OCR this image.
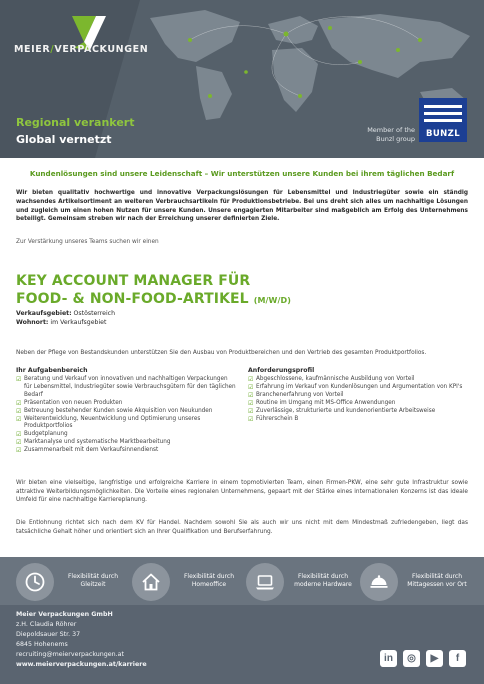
MEIER/VERPACKUNGEN
Regional verankert
Global vernetzt
Member of the Bunzl group	BUNZL
Kundenlösungen sind unsere Leidenschaft – Wir unterstützen unsere Kunden bei ihrem täglichen Bedarf
Wir bieten qualitativ hochwertige und innovative Verpackungslösungen für Lebensmittel und Industriegüter sowie ein ständig wachsendes Artikelsortiment an weiteren Verbrauchsartikeln für Produktionsbetriebe. Bei uns dreht sich alles um nachhaltige Lösungen und zugleich um einen hohen Nutzen für unsere Kunden. Unsere engagierten Mitarbeiter sind maßgeblich am Erfolg des Unternehmens beteiligt. Gemeinsam streben wir nach der Erreichung unserer definierten Ziele.
Zur Verstärkung unseres Teams suchen wir einen
KEY ACCOUNT MANAGER FÜR
FOOD- & NON-FOOD-ARTIKEL (M/W/D)
Verkaufsgebiet: Ostösterreich
Wohnort: im Verkaufsgebiet
Neben der Pflege von Bestandskunden unterstützen Sie den Ausbau von Produktbereichen und den Vertrieb des gesamten Produktportfolios.
Ihr Aufgabenbereich
☑ Beratung und Verkauf von innovativen und nachhaltigen Verpackungen für Lebensmittel, Industriegüter sowie Verbrauchsgütern für den täglichen Bedarf
☑ Präsentation von neuen Produkten
☑ Betreuung bestehender Kunden sowie Akquisition von Neukunden
☑ Weiterentwicklung, Neuentwicklung und Optimierung unseres Produktportfolios
☑ Budgetplanung
☑ Marktanalyse und systematische Marktbearbeitung
☑ Zusammenarbeit mit dem Verkaufsinnendienst
Anforderungsprofil
☑ Abgeschlossene, kaufmännische Ausbildung von Vorteil
☑ Erfahrung im Verkauf von Kundenlösungen und Argumentation von KPI's
☑ Branchenerfahrung von Vorteil
☑ Routine im Umgang mit MS-Office Anwendungen
☑ Zuverlässige, strukturierte und kundenorientierte Arbeitsweise
☑ Führerschein B
Wir bieten eine vielseitige, langfristige und erfolgreiche Karriere in einem topmotivierten Team, einen Firmen-PKW, eine sehr gute Infrastruktur sowie attraktive Weiterbildungsmöglichkeiten. Die Vorteile eines regionalen Unternehmens, gepaart mit der Stärke eines internationalen Konzerns ist das ideale Umfeld für eine nachhaltige Karriereplanung.
Die Entlohnung richtet sich nach dem KV für Handel. Nachdem sowohl Sie als auch wir uns nicht mit dem Mindestmaß zufriedengeben, liegt das tatsächliche Gehalt höher und orientiert sich an Ihrer Qualifikation und Berufserfahrung.
Flexibilität durch Gleitzeit
Flexibilität durch Homeoffice
Flexibilität durch moderne Hardware
Flexibilität durch Mittagessen vor Ort
Meier Verpackungen GmbH
z.H. Claudia Röhrer
Diepoldsauer Str. 37
6845 Hohenems
recruiting@meierverpackungen.at
www.meierverpackungen.at/karriere
in	◎	▶	f
